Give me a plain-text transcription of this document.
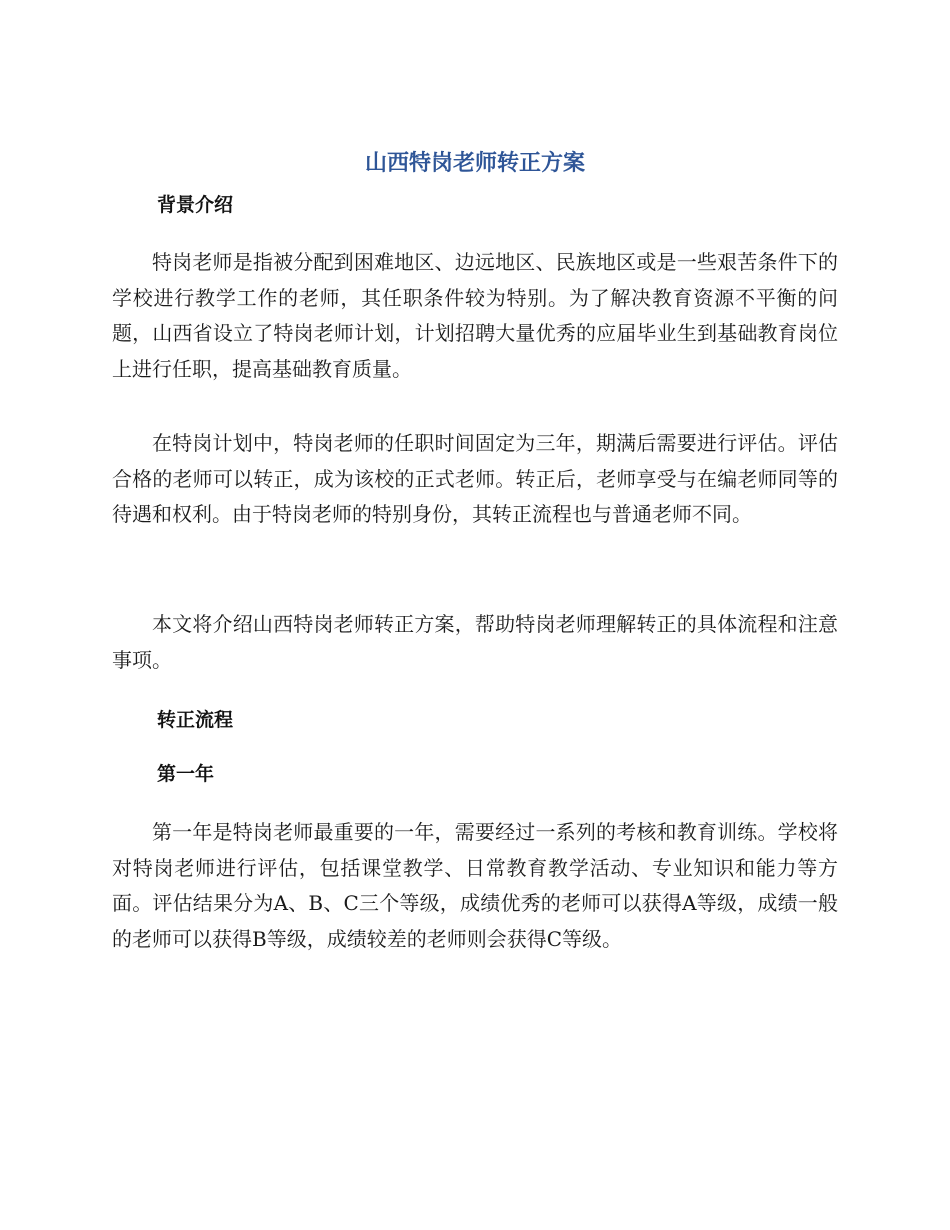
山西特岗老师转正方案
背景介绍

特岗老师是指被分配到困难地区、边远地区、民族地区或是一些艰苦条件下的学校进行教学工作的老师，其任职条件较为特别。为了解决教育资源不平衡的问题，山西省设立了特岗老师计划，计划招聘大量优秀的应届毕业生到基础教育岗位上进行任职，提高基础教育质量。

在特岗计划中，特岗老师的任职时间固定为三年，期满后需要进行评估。评估合格的老师可以转正，成为该校的正式老师。转正后，老师享受与在编老师同等的待遇和权利。由于特岗老师的特别身份，其转正流程也与普通老师不同。

本文将介绍山西特岗老师转正方案，帮助特岗老师理解转正的具体流程和注意事项。

转正流程
第一年

第一年是特岗老师最重要的一年，需要经过一系列的考核和教育训练。学校将对特岗老师进行评估，包括课堂教学、日常教育教学活动、专业知识和能力等方面。评估结果分为A、B、C三个等级，成绩优秀的老师可以获得A等级，成绩一般的老师可以获得B等级，成绩较差的老师则会获得C等级。
